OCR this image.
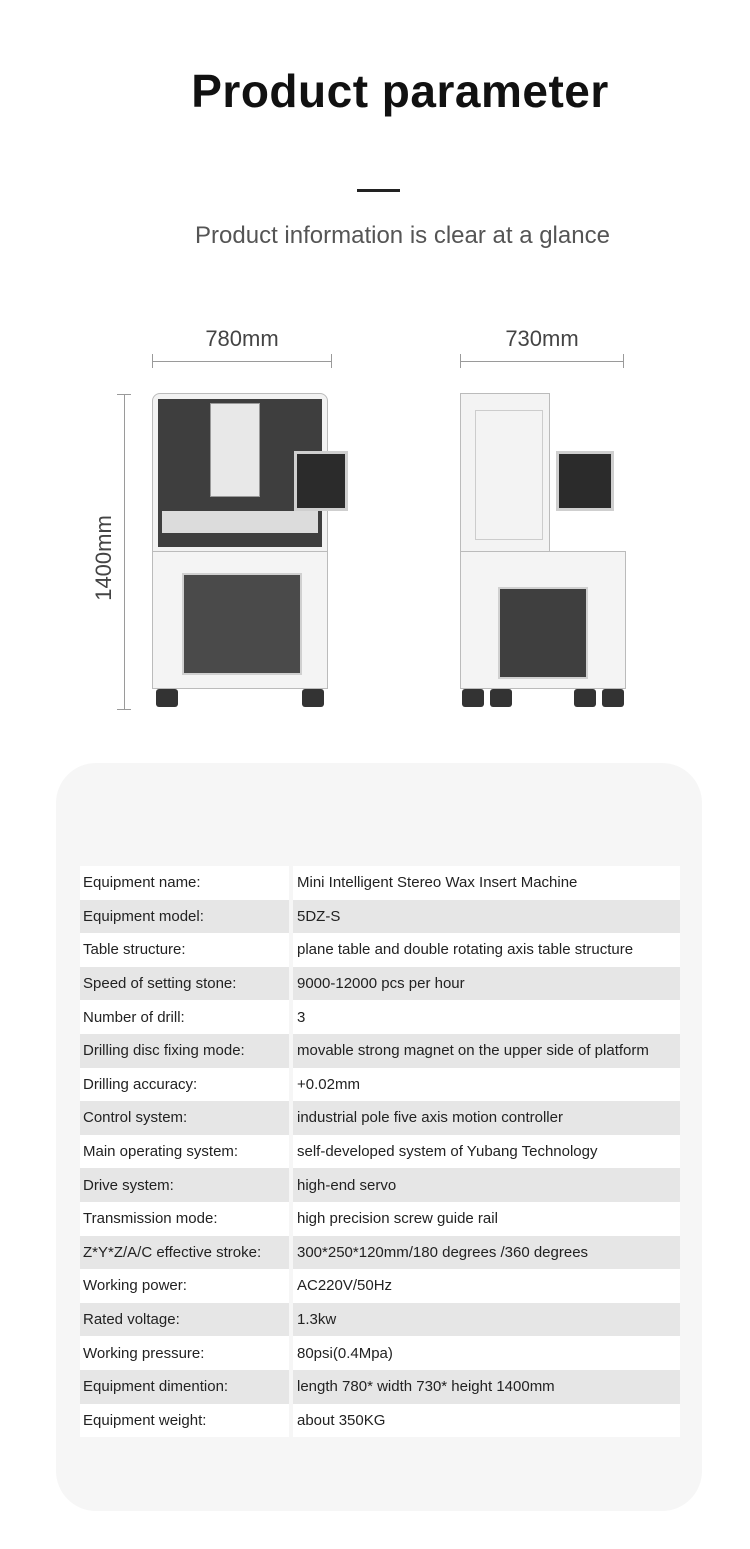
Product parameter
Product information is clear at a glance
780mm	730mm
1400mm
Equipment name:	Mini Intelligent Stereo Wax Insert Machine
Equipment model:	5DZ-S
Table structure:	plane table and double rotating axis table structure
Speed of setting stone:	9000-12000 pcs per hour
Number of drill:	3
Drilling disc fixing mode:	movable strong magnet on the upper side of platform
Drilling accuracy:	+0.02mm
Control system:	industrial pole five axis motion controller
Main operating system:	self-developed system of Yubang Technology
Drive system:	high-end servo
Transmission mode:	high precision screw guide rail
Z*Y*Z/A/C effective stroke:	300*250*120mm/180 degrees /360 degrees
Working power:	AC220V/50Hz
Rated voltage:	1.3kw
Working pressure:	80psi(0.4Mpa)
Equipment dimention:	length 780* width 730* height 1400mm
Equipment weight:	about 350KG
